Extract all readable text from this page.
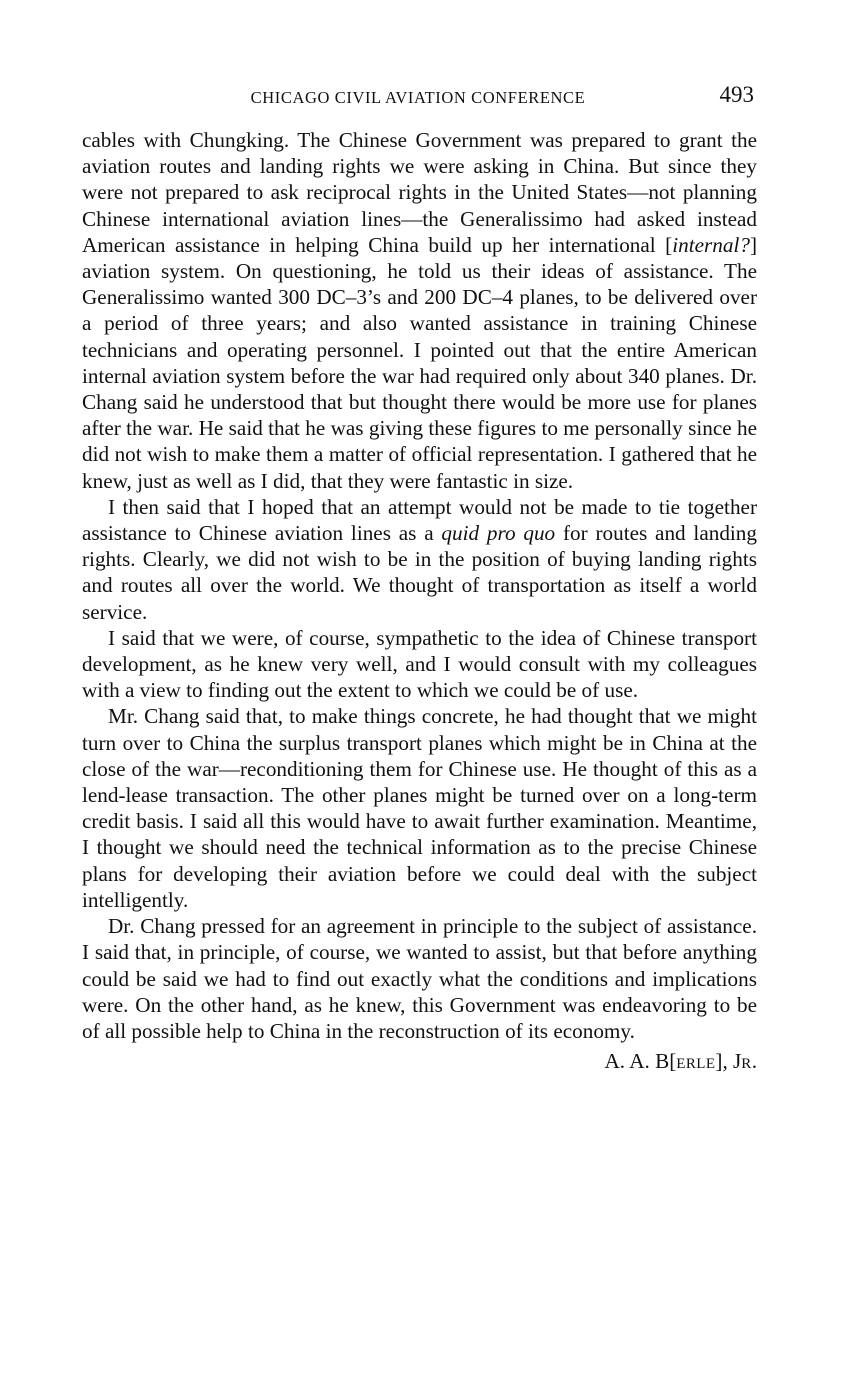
CHICAGO CIVIL AVIATION CONFERENCE	493

cables with Chungking. The Chinese Government was prepared to grant the aviation routes and landing rights we were asking in China. But since they were not prepared to ask reciprocal rights in the United States—not planning Chinese international aviation lines—the Generalissimo had asked instead American assistance in helping China build up her international [internal?] aviation system. On questioning, he told us their ideas of assistance. The Generalissimo wanted 300 DC–3’s and 200 DC–4 planes, to be delivered over a period of three years; and also wanted assistance in training Chinese technicians and operating personnel. I pointed out that the entire American internal aviation system before the war had required only about 340 planes. Dr. Chang said he understood that but thought there would be more use for planes after the war. He said that he was giving these figures to me personally since he did not wish to make them a matter of official representation. I gathered that he knew, just as well as I did, that they were fantastic in size.

I then said that I hoped that an attempt would not be made to tie together assistance to Chinese aviation lines as a quid pro quo for routes and landing rights. Clearly, we did not wish to be in the position of buying landing rights and routes all over the world. We thought of transportation as itself a world service.

I said that we were, of course, sympathetic to the idea of Chinese transport development, as he knew very well, and I would consult with my colleagues with a view to finding out the extent to which we could be of use.

Mr. Chang said that, to make things concrete, he had thought that we might turn over to China the surplus transport planes which might be in China at the close of the war—reconditioning them for Chinese use. He thought of this as a lend-lease transaction. The other planes might be turned over on a long-term credit basis. I said all this would have to await further examination. Meantime, I thought we should need the technical information as to the precise Chinese plans for developing their aviation before we could deal with the subject intelligently.

Dr. Chang pressed for an agreement in principle to the subject of assistance. I said that, in principle, of course, we wanted to assist, but that before anything could be said we had to find out exactly what the conditions and implications were. On the other hand, as he knew, this Government was endeavoring to be of all possible help to China in the reconstruction of its economy.

A. A. B[ERLE], JR.
